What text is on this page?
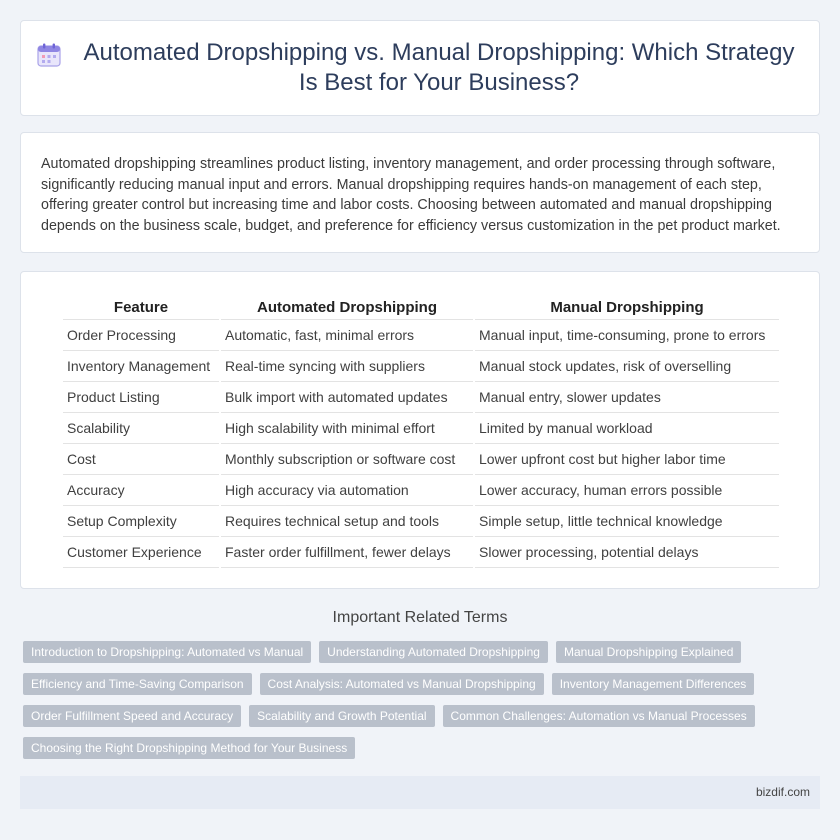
Automated Dropshipping vs. Manual Dropshipping: Which Strategy Is Best for Your Business?

Automated dropshipping streamlines product listing, inventory management, and order processing through software, significantly reducing manual input and errors. Manual dropshipping requires hands-on management of each step, offering greater control but increasing time and labor costs. Choosing between automated and manual dropshipping depends on the business scale, budget, and preference for efficiency versus customization in the pet product market.

Feature	Automated Dropshipping	Manual Dropshipping
Order Processing	Automatic, fast, minimal errors	Manual input, time-consuming, prone to errors
Inventory Management	Real-time syncing with suppliers	Manual stock updates, risk of overselling
Product Listing	Bulk import with automated updates	Manual entry, slower updates
Scalability	High scalability with minimal effort	Limited by manual workload
Cost	Monthly subscription or software cost	Lower upfront cost but higher labor time
Accuracy	High accuracy via automation	Lower accuracy, human errors possible
Setup Complexity	Requires technical setup and tools	Simple setup, little technical knowledge
Customer Experience	Faster order fulfillment, fewer delays	Slower processing, potential delays
Important Related Terms
Introduction to Dropshipping: Automated vs Manual	Understanding Automated Dropshipping	Manual Dropshipping Explained
Efficiency and Time-Saving Comparison	Cost Analysis: Automated vs Manual Dropshipping	Inventory Management Differences
Order Fulfillment Speed and Accuracy	Scalability and Growth Potential	Common Challenges: Automation vs Manual Processes
Choosing the Right Dropshipping Method for Your Business
bizdif.com
